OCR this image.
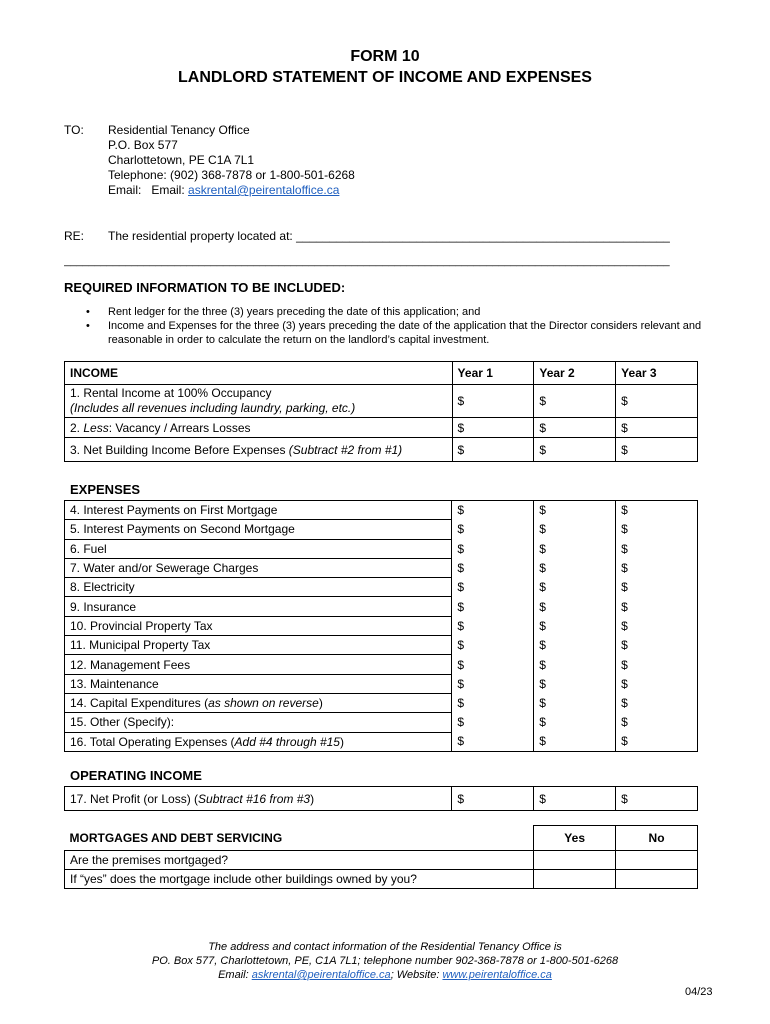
FORM 10
LANDLORD STATEMENT OF INCOME AND EXPENSES
TO: Residential Tenancy Office
P.O. Box 577
Charlottetown, PE C1A 7L1
Telephone: (902) 368-7878 or 1-800-501-6268
Email:   Email: askrental@peirentaloffice.ca
RE: The residential property located at: ________________________________________________________
___________________________________________________________________________________________________
REQUIRED INFORMATION TO BE INCLUDED:
• Rent ledger for the three (3) years preceding the date of this application; and
• Income and Expenses for the three (3) years preceding the date of the application that the Director considers relevant and reasonable in order to calculate the return on the landlord’s capital investment.
INCOME	Year 1	Year 2	Year 3

1. Rental Income at 100% Occupancy
(Includes all revenues including laundry, parking, etc.)	$	$	$
2. Less: Vacancy / Arrears Losses	$	$	$
3. Net Building Income Before Expenses (Subtract #2 from #1)	$	$	$
EXPENSES
4. Interest Payments on First Mortgage	$	$	$
5. Interest Payments on Second Mortgage	$	$	$
6. Fuel	$	$	$
7. Water and/or Sewerage Charges	$	$	$
8. Electricity	$	$	$
9. Insurance	$	$	$
10. Provincial Property Tax	$	$	$
11. Municipal Property Tax	$	$	$
12. Management Fees	$	$	$
13. Maintenance	$	$	$
14. Capital Expenditures (as shown on reverse)	$	$	$
15. Other (Specify):	$	$	$
16. Total Operating Expenses (Add #4 through #15)	$	$	$
OPERATING INCOME
17. Net Profit (or Loss) (Subtract #16 from #3)	$	$	$
MORTGAGES AND DEBT SERVICING	Yes	No
Are the premises mortgaged?		
If “yes” does the mortgage include other buildings owned by you?		
The address and contact information of the Residential Tenancy Office is
PO. Box 577, Charlottetown, PE, C1A 7L1; telephone number 902-368-7878 or 1-800-501-6268
Email: askrental@peirentaloffice.ca; Website: www.peirentaloffice.ca
04/23
